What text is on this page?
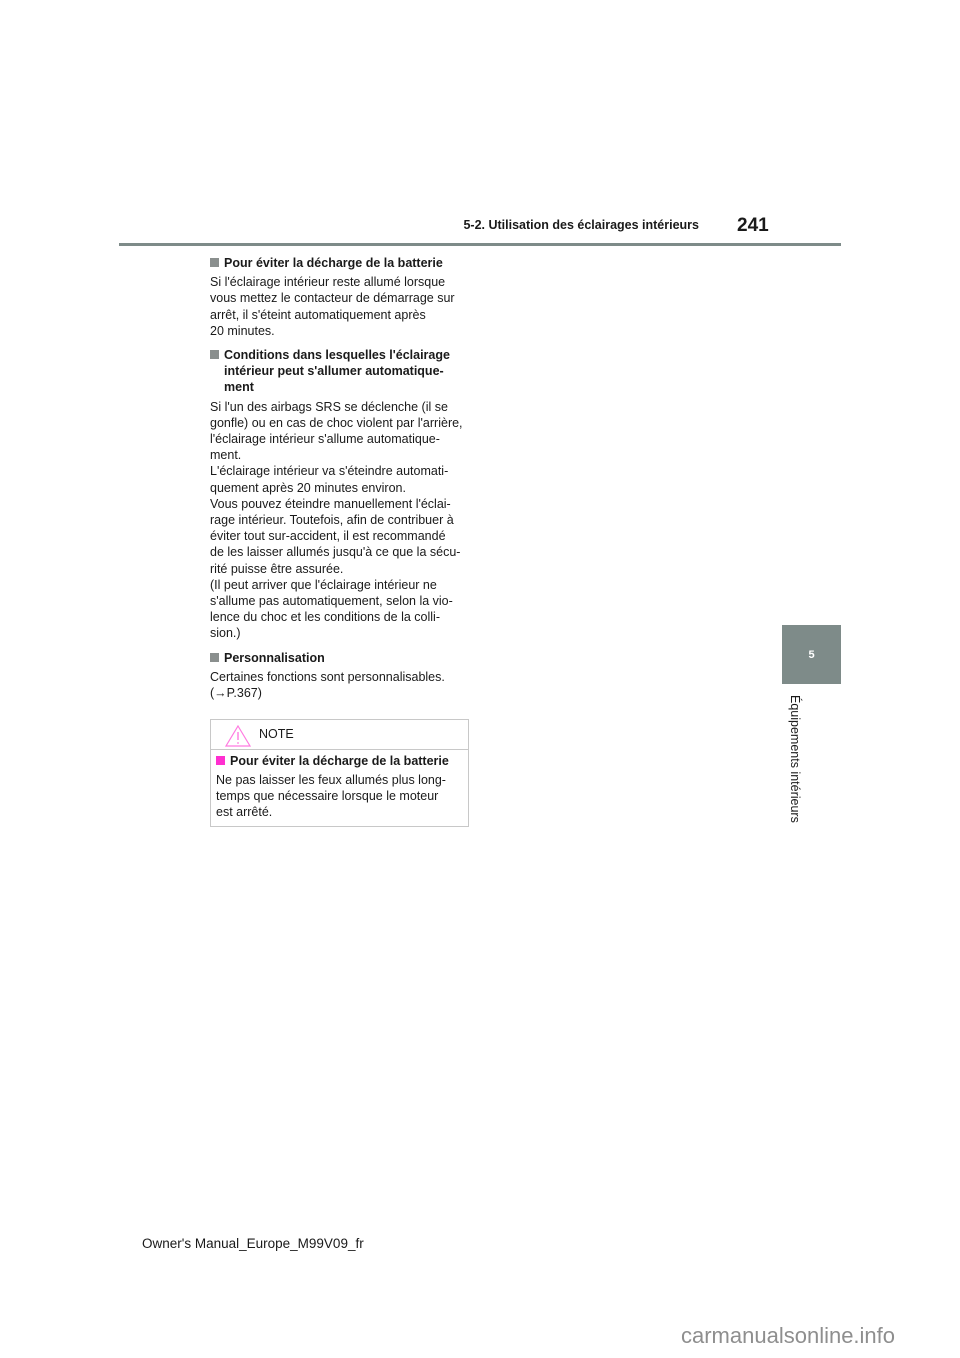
5-2. Utilisation des éclairages intérieurs 241
5
Équipements intérieurs
Pour éviter la décharge de la batterie
Si l'éclairage intérieur reste allumé lorsque
vous mettez le contacteur de démarrage sur
arrêt, il s'éteint automatiquement après
20 minutes.
Conditions dans lesquelles l'éclairage
intérieur peut s'allumer automatique-
ment
Si l'un des airbags SRS se déclenche (il se
gonfle) ou en cas de choc violent par l'arrière,
l'éclairage intérieur s'allume automatique-
ment.
L'éclairage intérieur va s'éteindre automati-
quement après 20 minutes environ.
Vous pouvez éteindre manuellement l'éclai-
rage intérieur. Toutefois, afin de contribuer à
éviter tout sur-accident, il est recommandé
de les laisser allumés jusqu'à ce que la sécu-
rité puisse être assurée.
(Il peut arriver que l'éclairage intérieur ne
s'allume pas automatiquement, selon la vio-
lence du choc et les conditions de la colli-
sion.)
Personnalisation
Certaines fonctions sont personnalisables.
(→P.367)
NOTE
Pour éviter la décharge de la batterie
Ne pas laisser les feux allumés plus long-
temps que nécessaire lorsque le moteur
est arrêté.
Owner's Manual_Europe_M99V09_fr
carmanualsonline.info
